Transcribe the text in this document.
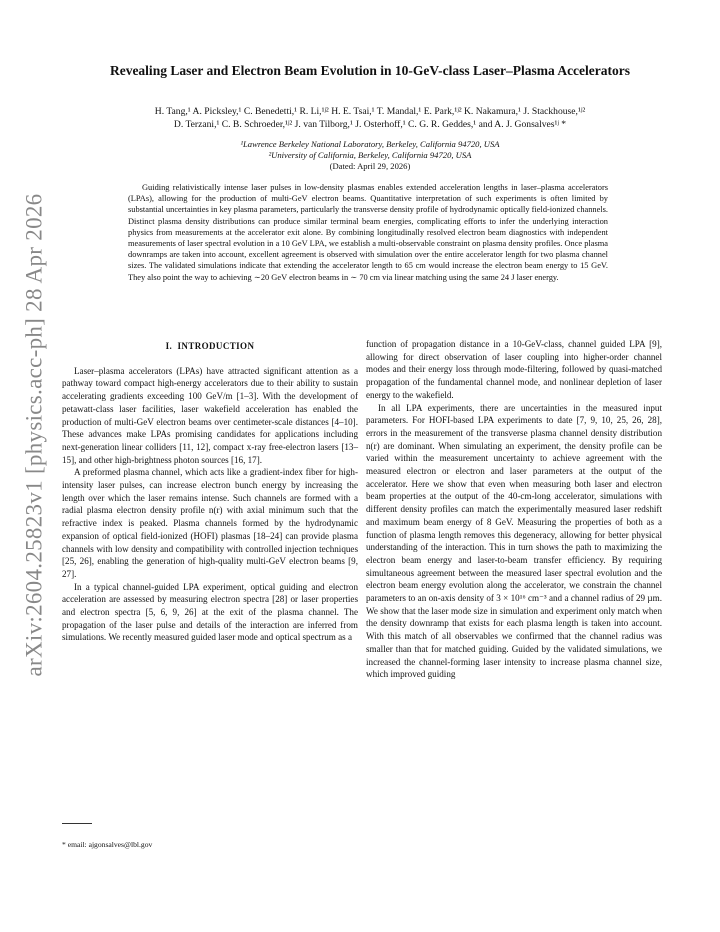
arXiv:2604.25823v1 [physics.acc-ph] 28 Apr 2026
Revealing Laser and Electron Beam Evolution in 10-GeV-class Laser–Plasma Accelerators
H. Tang,¹ A. Picksley,¹ C. Benedetti,¹ R. Li,¹ʲ² H. E. Tsai,¹ T. Mandal,¹ E. Park,¹ʲ² K. Nakamura,¹ J. Stackhouse,¹ʲ²
D. Terzani,¹ C. B. Schroeder,¹ʲ² J. van Tilborg,¹ J. Osterhoff,¹ C. G. R. Geddes,¹ and A. J. Gonsalves¹ʲ *
¹Lawrence Berkeley National Laboratory, Berkeley, California 94720, USA
²University of California, Berkeley, California 94720, USA
(Dated: April 29, 2026)
Guiding relativistically intense laser pulses in low-density plasmas enables extended acceleration lengths in laser–plasma accelerators (LPAs), allowing for the production of multi-GeV electron beams. Quantitative interpretation of such experiments is often limited by substantial uncertainties in key plasma parameters, particularly the transverse density profile of hydrodynamic optically field-ionized channels. Distinct plasma density distributions can produce similar terminal beam energies, complicating efforts to infer the underlying interaction physics from measurements at the accelerator exit alone. By combining longitudinally resolved electron beam diagnostics with independent measurements of laser spectral evolution in a 10 GeV LPA, we establish a multi-observable constraint on plasma density profiles. Once plasma downramps are taken into account, excellent agreement is observed with simulation over the entire accelerator length for two plasma channel sizes. The validated simulations indicate that extending the accelerator length to 65 cm would increase the electron beam energy to 15 GeV. They also point the way to achieving ∼20 GeV electron beams in ∼ 70 cm via linear matching using the same 24 J laser energy.
I. INTRODUCTION

Laser–plasma accelerators (LPAs) have attracted significant attention as a pathway toward compact high-energy accelerators due to their ability to sustain accelerating gradients exceeding 100 GeV/m [1–3]. With the development of petawatt-class laser facilities, laser wakefield acceleration has enabled the production of multi-GeV electron beams over centimeter-scale distances [4–10]. These advances make LPAs promising candidates for applications including next-generation linear colliders [11, 12], compact x-ray free-electron lasers [13–15], and other high-brightness photon sources [16, 17].

A preformed plasma channel, which acts like a gradient-index fiber for high-intensity laser pulses, can increase electron bunch energy by increasing the length over which the laser remains intense. Such channels are formed with a radial plasma electron density profile n(r) with axial minimum such that the refractive index is peaked. Plasma channels formed by the hydrodynamic expansion of optical field-ionized (HOFI) plasmas [18–24] can provide plasma channels with low density and compatibility with controlled injection techniques [25, 26], enabling the generation of high-quality multi-GeV electron beams [9, 27].

In a typical channel-guided LPA experiment, optical guiding and electron acceleration are assessed by measuring electron spectra [28] or laser properties and electron spectra [5, 6, 9, 26] at the exit of the plasma channel. The propagation of the laser pulse and details of the interaction are inferred from simulations. We recently measured guided laser mode and optical spectrum as a

function of propagation distance in a 10-GeV-class, channel guided LPA [9], allowing for direct observation of laser coupling into higher-order channel modes and their energy loss through mode-filtering, followed by quasi-matched propagation of the fundamental channel mode, and nonlinear depletion of laser energy to the wakefield.

In all LPA experiments, there are uncertainties in the measured input parameters. For HOFI-based LPA experiments to date [7, 9, 10, 25, 26, 28], errors in the measurement of the transverse plasma channel density distribution n(r) are dominant. When simulating an experiment, the density profile can be varied within the measurement uncertainty to achieve agreement with the measured electron or electron and laser parameters at the output of the accelerator. Here we show that even when measuring both laser and electron beam properties at the output of the 40-cm-long accelerator, simulations with different density profiles can match the experimentally measured laser redshift and maximum beam energy of 8 GeV. Measuring the properties of both as a function of plasma length removes this degeneracy, allowing for better physical understanding of the interaction. This in turn shows the path to maximizing the electron beam energy and laser-to-beam transfer efficiency. By requiring simultaneous agreement between the measured laser spectral evolution and the electron beam energy evolution along the accelerator, we constrain the channel parameters to an on-axis density of 3 × 10¹⁶ cm⁻³ and a channel radius of 29 µm. We show that the laser mode size in simulation and experiment only match when the density downramp that exists for each plasma length is taken into account. With this match of all observables we confirmed that the channel radius was smaller than that for matched guiding. Guided by the validated simulations, we increased the channel-forming laser intensity to increase plasma channel size, which improved guiding

* email: ajgonsalves@lbl.gov
